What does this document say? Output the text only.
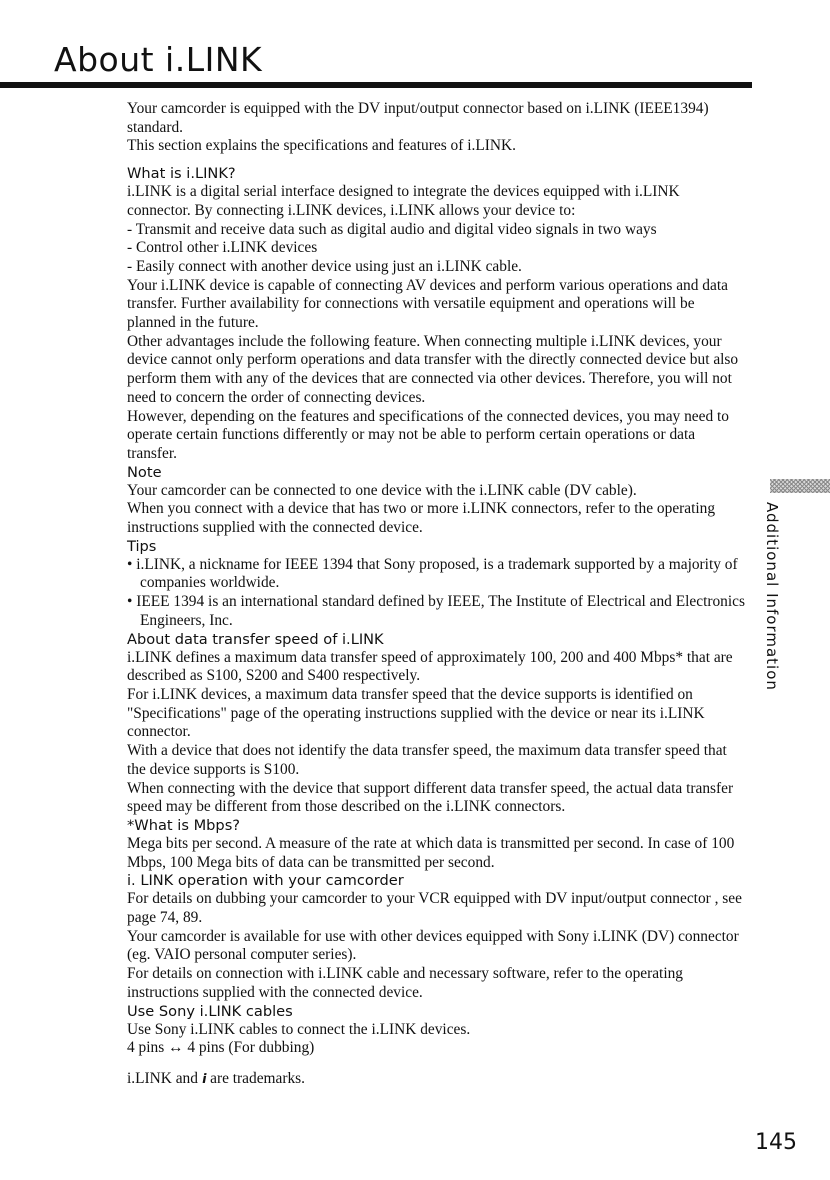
About i.LINK

Your camcorder is equipped with the DV input/output connector based on i.LINK (IEEE1394) standard.

This section explains the specifications and features of i.LINK.

What is i.LINK?

i.LINK is a digital serial interface designed to integrate the devices equipped with i.LINK connector. By connecting i.LINK devices, i.LINK allows your device to:

- Transmit and receive data such as digital audio and digital video signals in two ways

- Control other i.LINK devices

- Easily connect with another device using just an i.LINK cable.

Your i.LINK device is capable of connecting AV devices and perform various operations and data transfer. Further availability for connections with versatile equipment and operations will be planned in the future.

Other advantages include the following feature. When connecting multiple i.LINK devices, your device cannot only perform operations and data transfer with the directly connected device but also perform them with any of the devices that are connected via other devices. Therefore, you will not need to concern the order of connecting devices.

However, depending on the features and specifications of the connected devices, you may need to operate certain functions differently or may not be able to perform certain operations or data transfer.

Note

Your camcorder can be connected to one device with the i.LINK cable (DV cable).

When you connect with a device that has two or more i.LINK connectors, refer to the operating instructions supplied with the connected device.

Tips

• i.LINK, a nickname for IEEE 1394 that Sony proposed, is a trademark supported by a majority of companies worldwide.

• IEEE 1394 is an international standard defined by IEEE, The Institute of Electrical and Electronics Engineers, Inc.

About data transfer speed of i.LINK

i.LINK defines a maximum data transfer speed of approximately 100, 200 and 400 Mbps* that are described as S100, S200 and S400 respectively.

For i.LINK devices, a maximum data transfer speed that the device supports is identified on "Specifications" page of the operating instructions supplied with the device or near its i.LINK connector.

With a device that does not identify the data transfer speed, the maximum data transfer speed that the device supports is S100.

When connecting with the device that support different data transfer speed, the actual data transfer speed may be different from those described on the i.LINK connectors.

*What is Mbps?

Mega bits per second. A measure of the rate at which data is transmitted per second. In case of 100 Mbps, 100 Mega bits of data can be transmitted per second.

i. LINK operation with your camcorder

For details on dubbing your camcorder to your VCR equipped with DV input/output connector , see page 74, 89.

Your camcorder is available for use with other devices equipped with Sony i.LINK (DV) connector (eg. VAIO personal computer series).

For details on connection with i.LINK cable and necessary software, refer to the operating instructions supplied with the connected device.

Use Sony i.LINK cables

Use Sony i.LINK cables to connect the i.LINK devices.

4 pins ↔ 4 pins (For dubbing)

i.LINK and i are trademarks.

Additional Information
145
